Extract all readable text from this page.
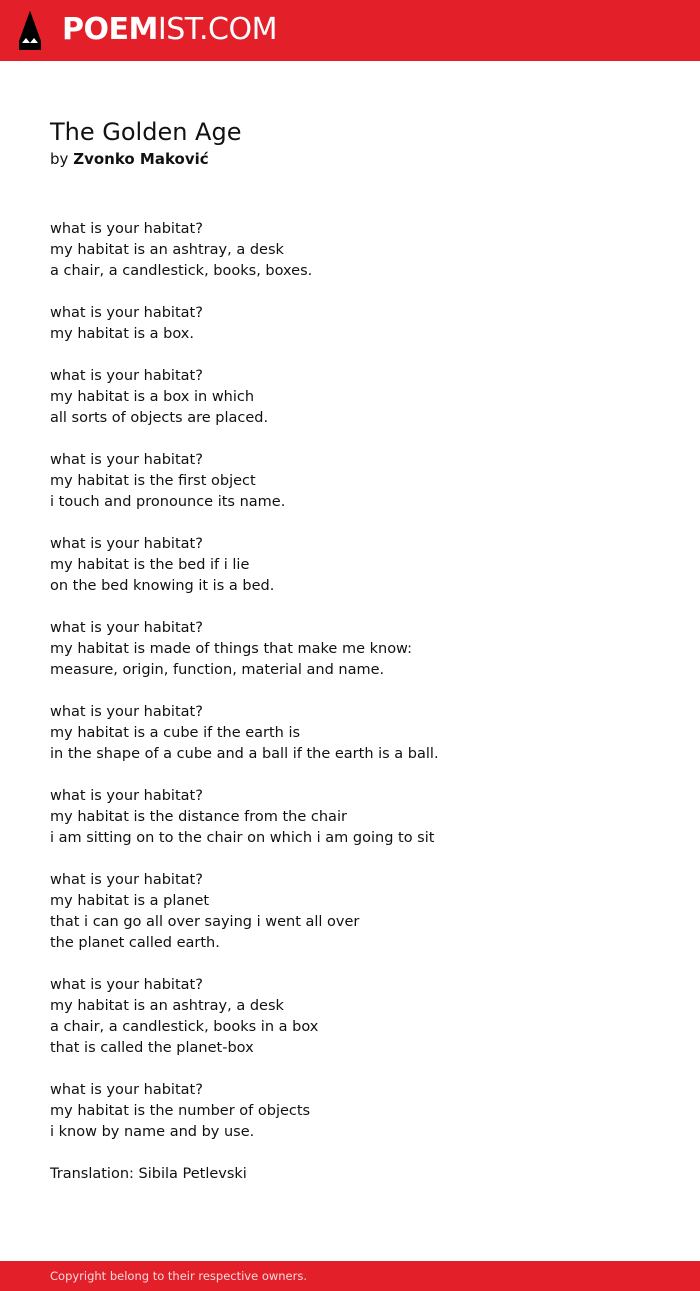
POEM IST.COM
The Golden Age
by Zvonko Maković
what is your habitat?
my habitat is an ashtray, a desk
a chair, a candlestick, books, boxes.
what is your habitat?
my habitat is a box.
what is your habitat?
my habitat is a box in which
all sorts of objects are placed.
what is your habitat?
my habitat is the first object
i touch and pronounce its name.
what is your habitat?
my habitat is the bed if i lie
on the bed knowing it is a bed.
what is your habitat?
my habitat is made of things that make me know:
measure, origin, function, material and name.
what is your habitat?
my habitat is a cube if the earth is
in the shape of a cube and a ball if the earth is a ball.
what is your habitat?
my habitat is the distance from the chair
i am sitting on to the chair on which i am going to sit
what is your habitat?
my habitat is a planet
that i can go all over saying i went all over
the planet called earth.
what is your habitat?
my habitat is an ashtray, a desk
a chair, a candlestick, books in a box
that is called the planet-box
what is your habitat?
my habitat is the number of objects
i know by name and by use.
Translation: Sibila Petlevski
Copyright belong to their respective owners.
